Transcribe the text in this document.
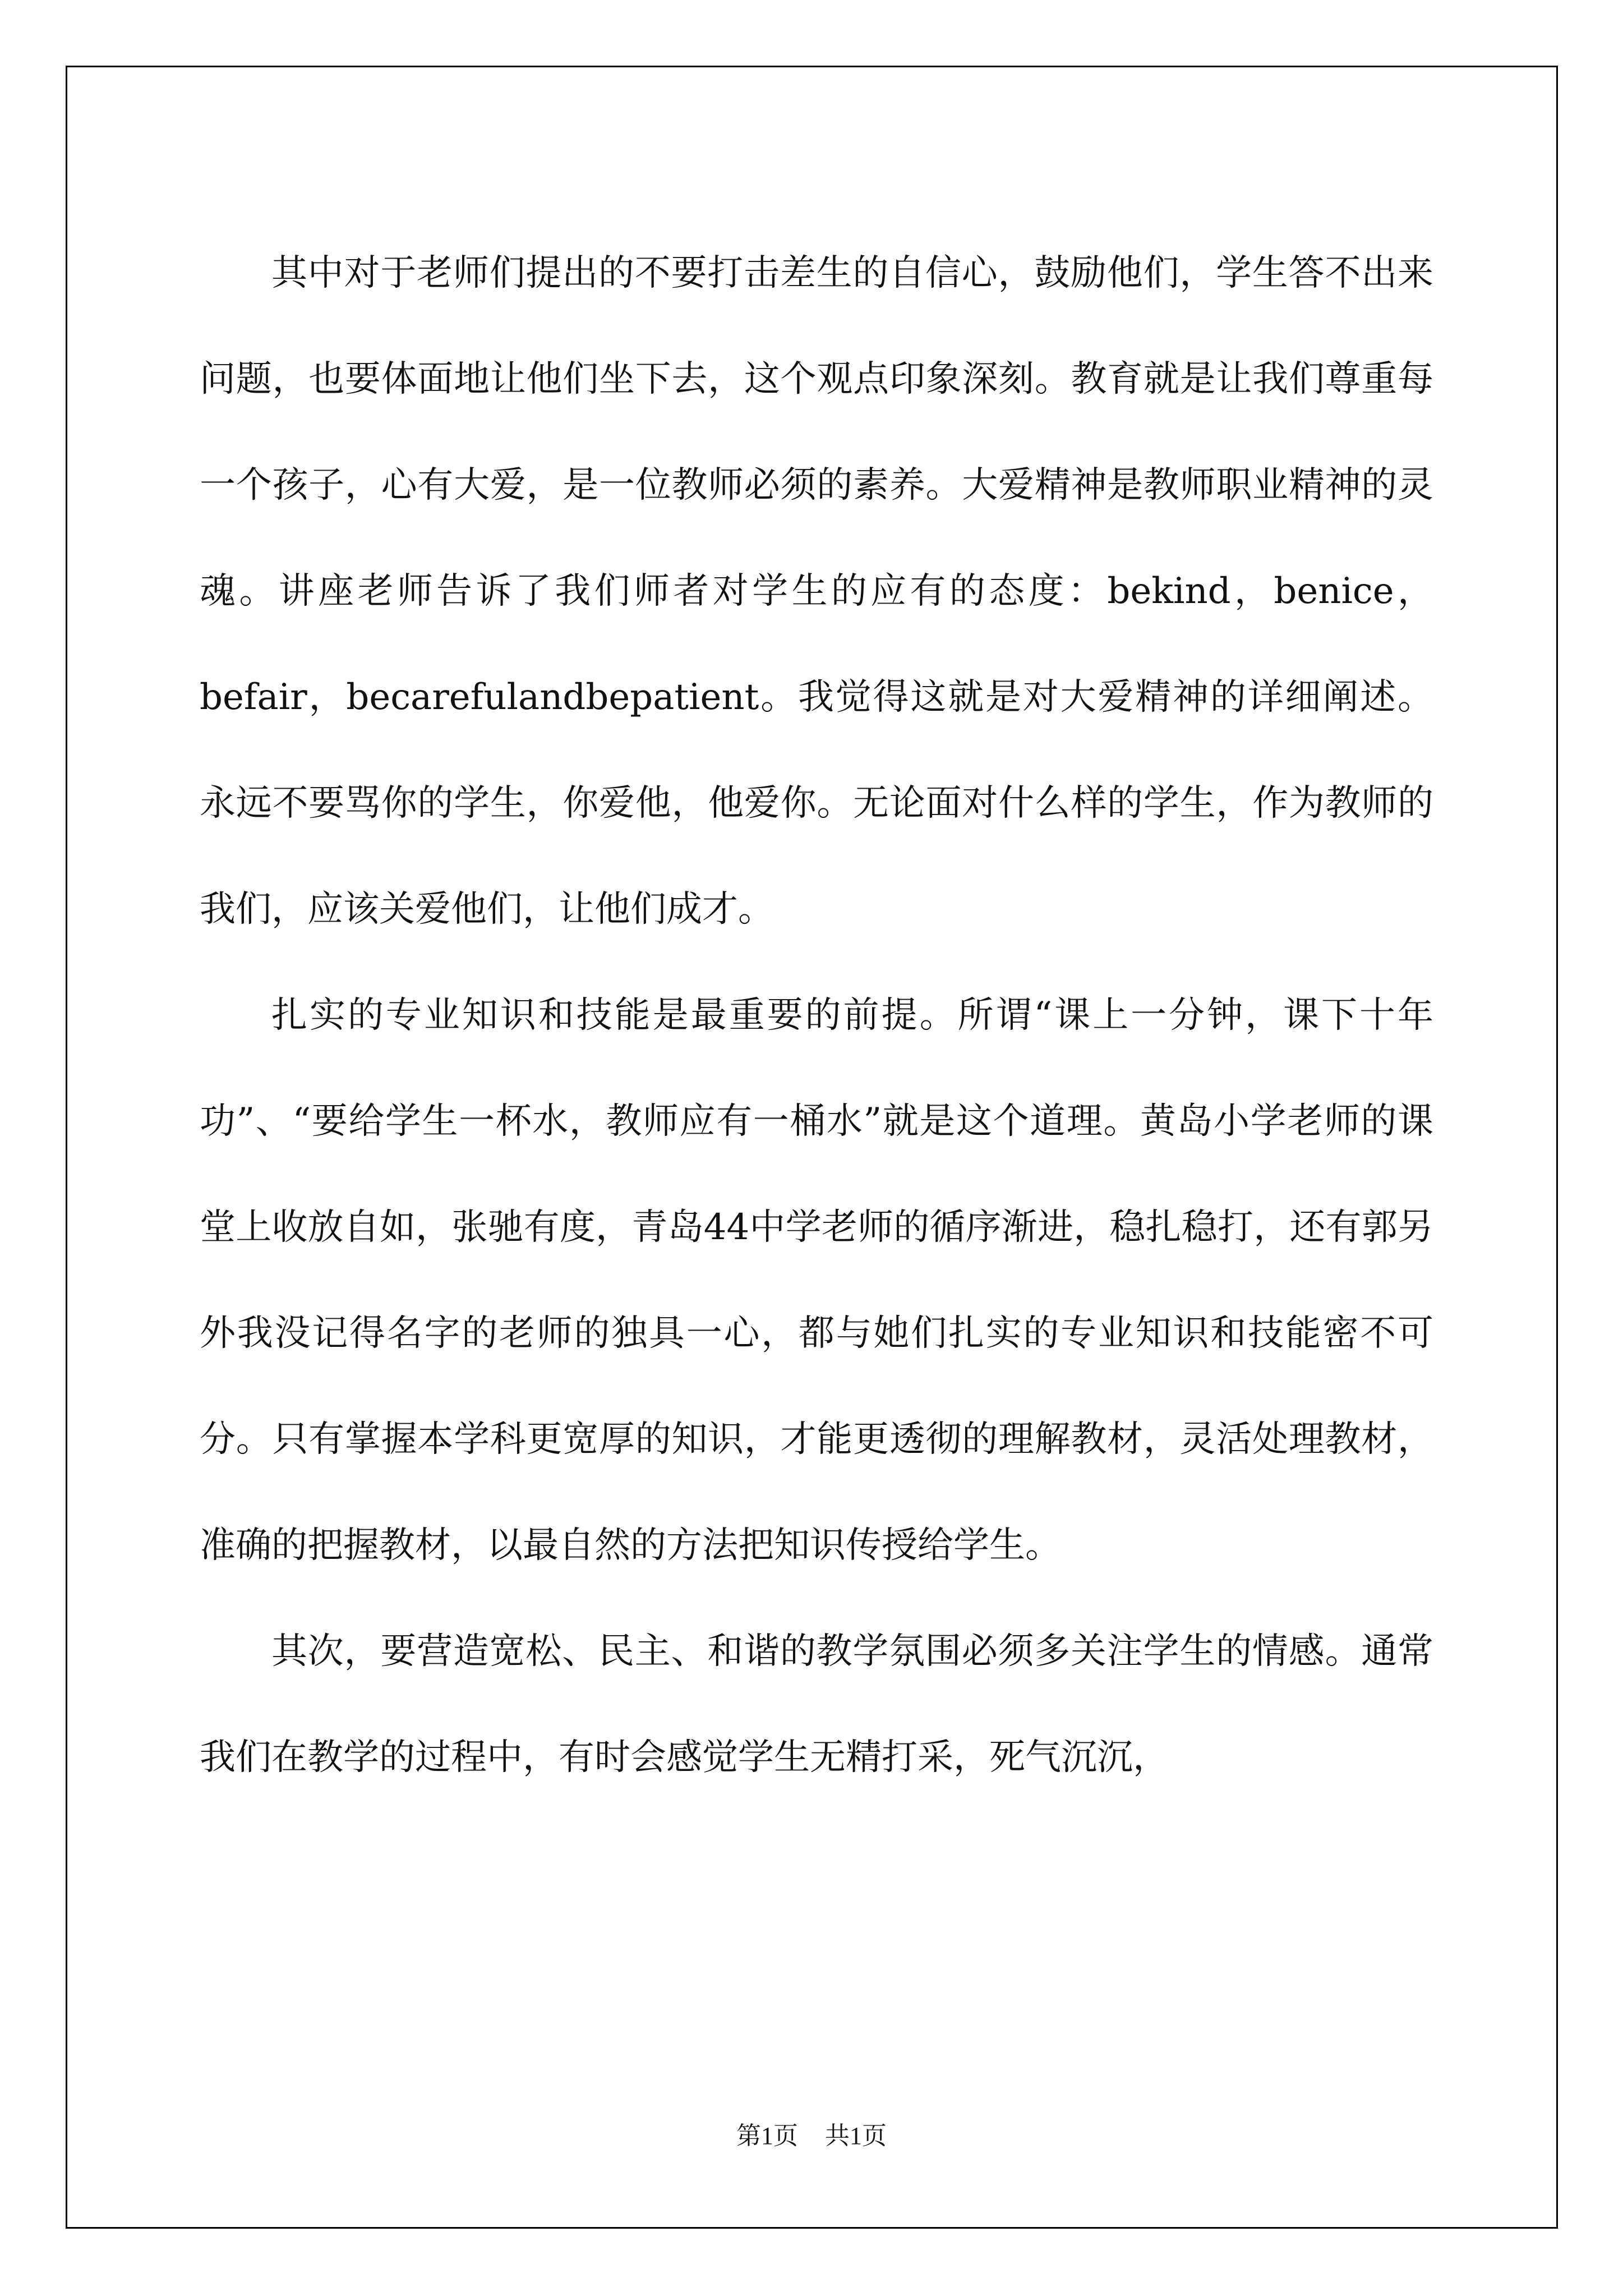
其中对于老师们提出的不要打击差生的自信心，鼓励他们，学生答不出来问题，也要体面地让他们坐下去，这个观点印象深刻。教育就是让我们尊重每一个孩子，心有大爱，是一位教师必须的素养。大爱精神是教师职业精神的灵魂。讲座老师告诉了我们师者对学生的应有的态度：bekind，benice，befair，becarefulandbepatient。我觉得这就是对大爱精神的详细阐述。永远不要骂你的学生，你爱他，他爱你。无论面对什么样的学生，作为教师的我们，应该关爱他们，让他们成才。

扎实的专业知识和技能是最重要的前提。所谓“课上一分钟，课下十年功”、“要给学生一杯水，教师应有一桶水”就是这个道理。黄岛小学老师的课堂上收放自如，张驰有度，青岛44中学老师的循序渐进，稳扎稳打，还有郭另外我没记得名字的老师的独具一心，都与她们扎实的专业知识和技能密不可分。只有掌握本学科更宽厚的知识，才能更透彻的理解教材，灵活处理教材，准确的把握教材，以最自然的方法把知识传授给学生。

其次，要营造宽松、民主、和谐的教学氛围必须多关注学生的情感。通常我们在教学的过程中，有时会感觉学生无精打采，死气沉沉，

第1页 共1页
